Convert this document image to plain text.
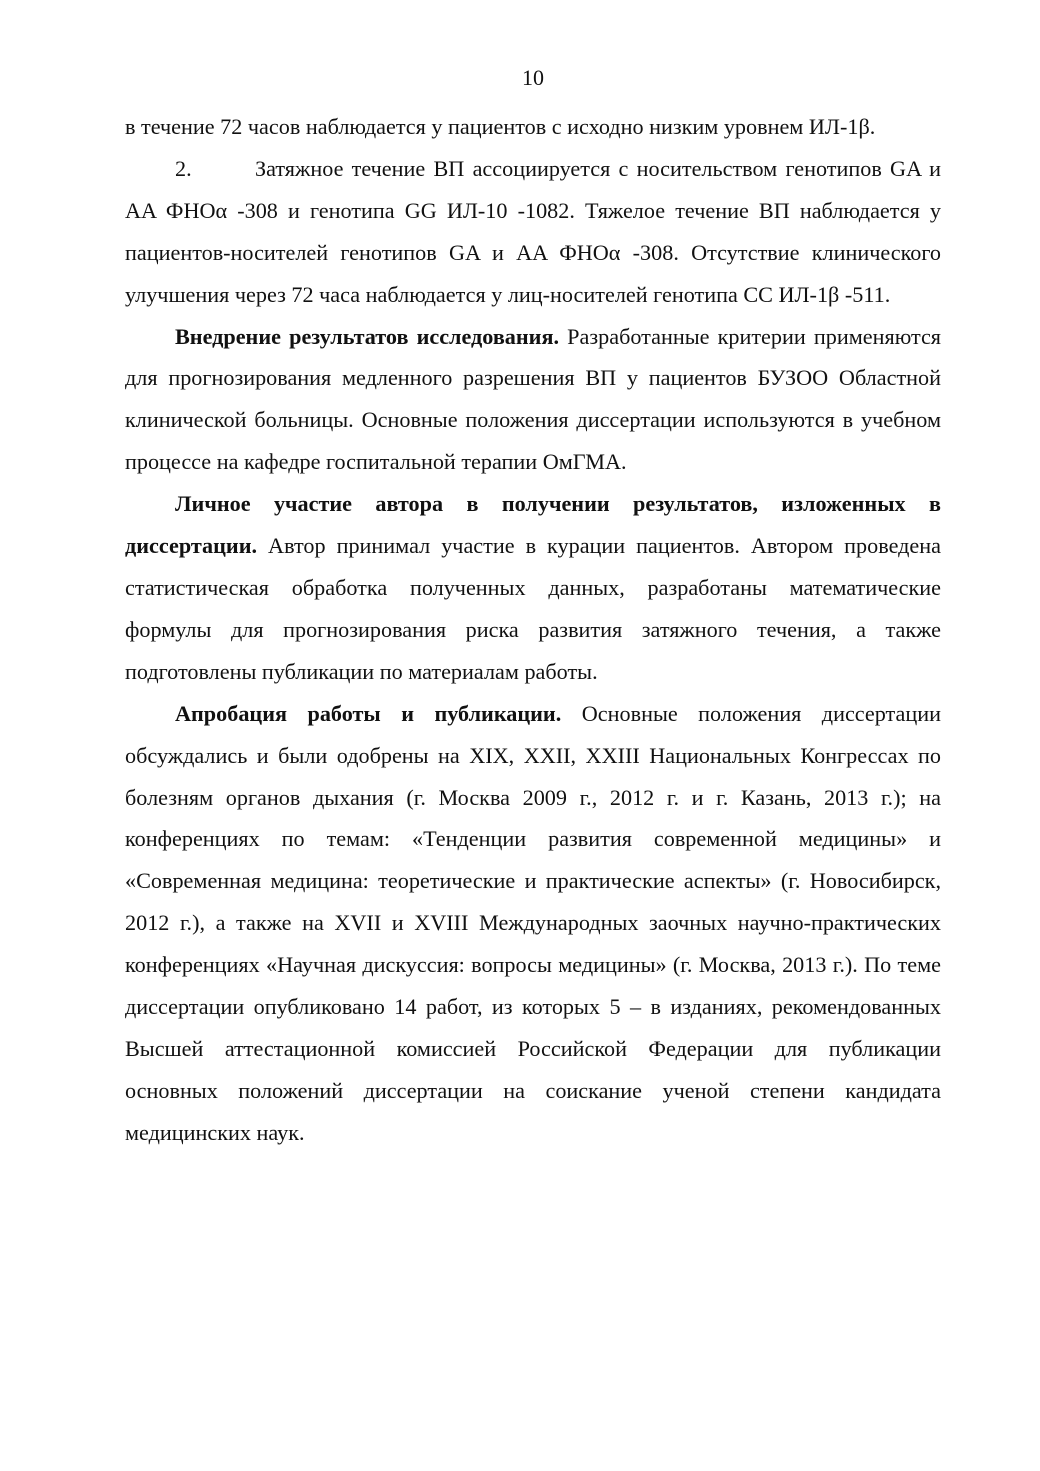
10

в течение 72 часов наблюдается у пациентов с исходно низким уровнем ИЛ-1β.

2.	Затяжное течение ВП ассоциируется с носительством генотипов GA и AA ФНОα -308 и генотипа GG ИЛ-10 -1082. Тяжелое течение ВП наблюдается у пациентов-носителей генотипов GA и AA ФНОα -308. Отсутствие клинического улучшения через 72 часа наблюдается у лиц-носителей генотипа CC ИЛ-1β -511.

Внедрение результатов исследования. Разработанные критерии применяются для прогнозирования медленного разрешения ВП у пациентов БУЗОО Областной клинической больницы. Основные положения диссертации используются в учебном процессе на кафедре госпитальной терапии ОмГМА.

Личное участие автора в получении результатов, изложенных в диссертации. Автор принимал участие в курации пациентов. Автором проведена статистическая обработка полученных данных, разработаны математические формулы для прогнозирования риска развития затяжного течения, а также подготовлены публикации по материалам работы.

Апробация работы и публикации. Основные положения диссертации обсуждались и были одобрены на XIX, XXII, XXIII Национальных Конгрессах по болезням органов дыхания (г. Москва 2009 г., 2012 г. и г. Казань, 2013 г.); на конференциях по темам: «Тенденции развития современной медицины» и «Современная медицина: теоретические и практические аспекты» (г. Новосибирск, 2012 г.), а также на XVII и XVIII Международных заочных научно-практических конференциях «Научная дискуссия: вопросы медицины» (г. Москва, 2013 г.). По теме диссертации опубликовано 14 работ, из которых 5 – в изданиях, рекомендованных Высшей аттестационной комиссией Российской Федерации для публикации основных положений диссертации на соискание ученой степени кандидата медицинских наук.
